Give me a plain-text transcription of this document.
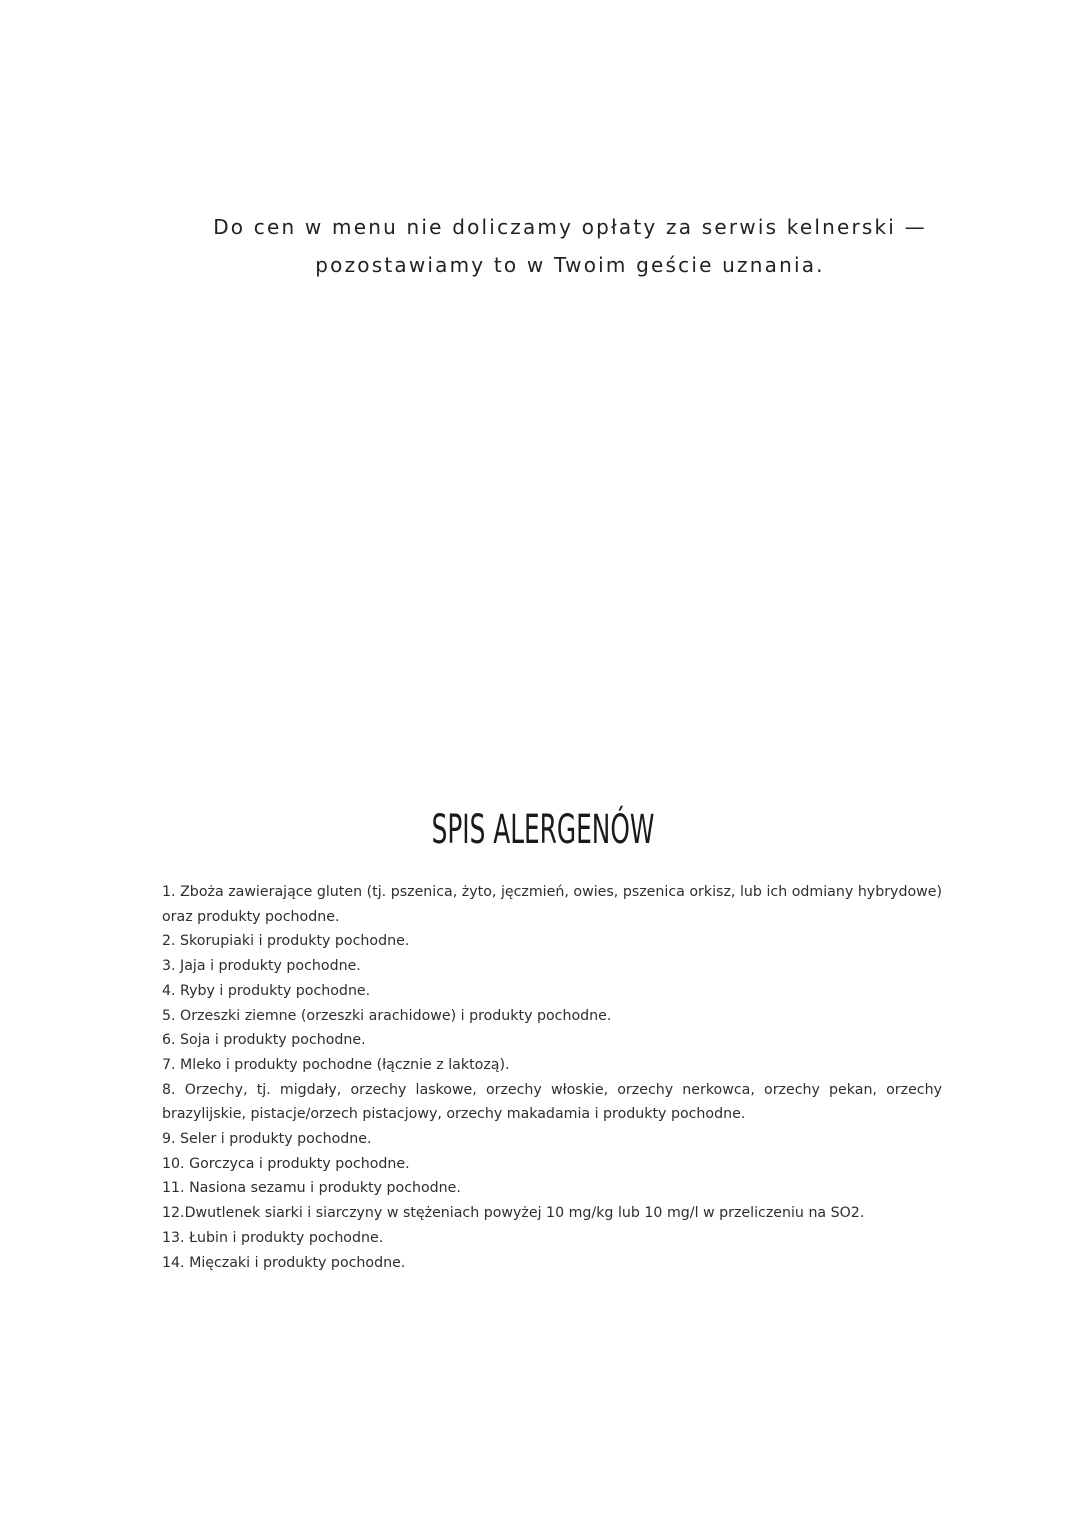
Do cen w menu nie doliczamy opłaty za serwis kelnerski —
pozostawiamy to w Twoim geście uznania.
SPIS ALERGENÓW
1. Zboża zawierające gluten (tj. pszenica, żyto, jęczmień, owies, pszenica orkisz, lub ich odmiany hybrydowe) oraz produkty pochodne.
2. Skorupiaki i produkty pochodne.
3. Jaja i produkty pochodne.
4. Ryby i produkty pochodne.
5. Orzeszki ziemne (orzeszki arachidowe) i produkty pochodne.
6. Soja i produkty pochodne.
7. Mleko i produkty pochodne (łącznie z laktozą).
8. Orzechy, tj. migdały, orzechy laskowe, orzechy włoskie, orzechy nerkowca, orzechy pekan, orzechy brazylijskie, pistacje/orzech pistacjowy, orzechy makadamia i produkty pochodne.
9. Seler i produkty pochodne.
10. Gorczyca i produkty pochodne.
11. Nasiona sezamu i produkty pochodne.
12.Dwutlenek siarki i siarczyny w stężeniach powyżej 10 mg/kg lub 10 mg/l w przeliczeniu na SO2.
13. Łubin i produkty pochodne.
14. Mięczaki i produkty pochodne.
